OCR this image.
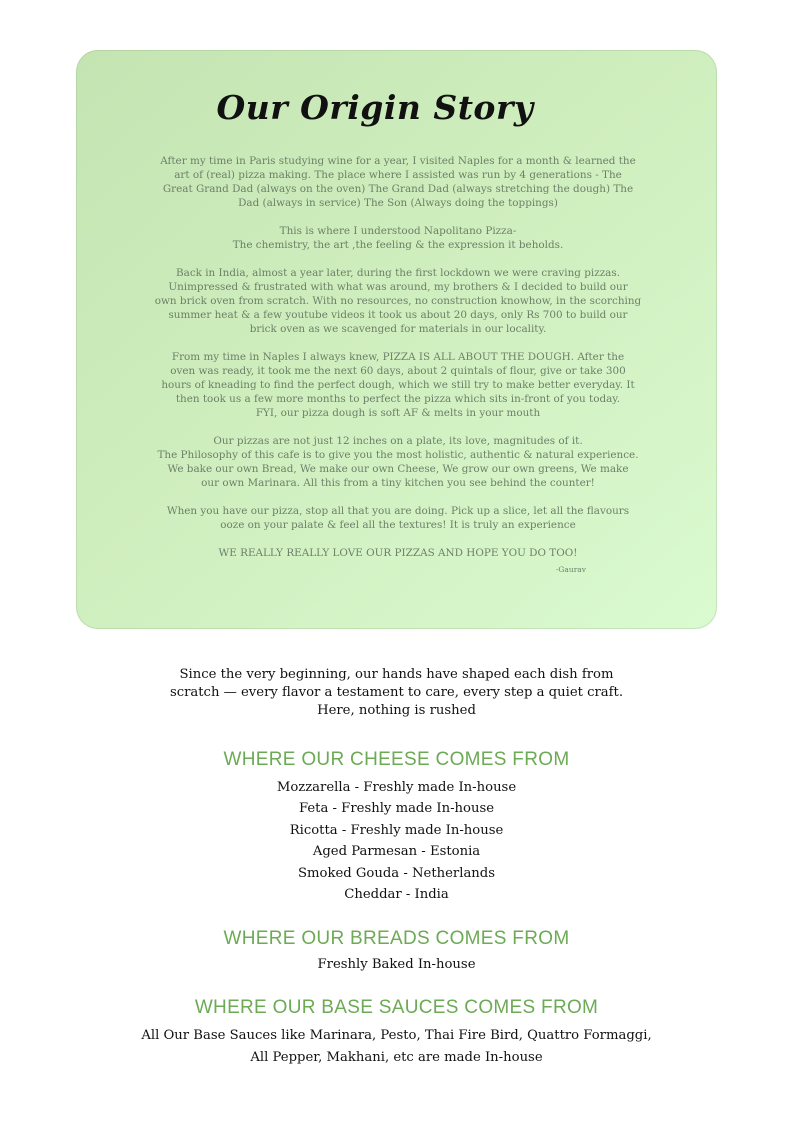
Our Origin Story

After my time in Paris studying wine for a year, I visited Naples for a month & learned the
art of (real) pizza making. The place where I assisted was run by 4 generations - The
Great Grand Dad (always on the oven) The Grand Dad (always stretching the dough) The
Dad (always in service) The Son (Always doing the toppings)

This is where I understood Napolitano Pizza-
The chemistry, the art ,the feeling & the expression it beholds.

Back in India, almost a year later, during the first lockdown we were craving pizzas.
Unimpressed & frustrated with what was around, my brothers & I decided to build our
own brick oven from scratch. With no resources, no construction knowhow, in the scorching
summer heat & a few youtube videos it took us about 20 days, only Rs 700 to build our
brick oven as we scavenged for materials in our locality.

From my time in Naples I always knew, PIZZA IS ALL ABOUT THE DOUGH. After the
oven was ready, it took me the next 60 days, about 2 quintals of flour, give or take 300
hours of kneading to find the perfect dough, which we still try to make better everyday. It
then took us a few more months to perfect the pizza which sits in-front of you today.
FYI, our pizza dough is soft AF & melts in your mouth

Our pizzas are not just 12 inches on a plate, its love, magnitudes of it.
The Philosophy of this cafe is to give you the most holistic, authentic & natural experience.
We bake our own Bread, We make our own Cheese, We grow our own greens, We make
our own Marinara. All this from a tiny kitchen you see behind the counter!

When you have our pizza, stop all that you are doing. Pick up a slice, let all the flavours
ooze on your palate & feel all the textures! It is truly an experience

WE REALLY REALLY LOVE OUR PIZZAS AND HOPE YOU DO TOO!

-Gaurav

Since the very beginning, our hands have shaped each dish from
scratch — every flavor a testament to care, every step a quiet craft.
Here, nothing is rushed

WHERE OUR CHEESE COMES FROM
Mozzarella - Freshly made In-house
Feta - Freshly made In-house
Ricotta - Freshly made In-house
Aged Parmesan - Estonia
Smoked Gouda - Netherlands
Cheddar - India
WHERE OUR BREADS COMES FROM
Freshly Baked In-house
WHERE OUR BASE SAUCES COMES FROM

All Our Base Sauces like Marinara, Pesto, Thai Fire Bird, Quattro Formaggi,
All Pepper, Makhani, etc are made In-house
